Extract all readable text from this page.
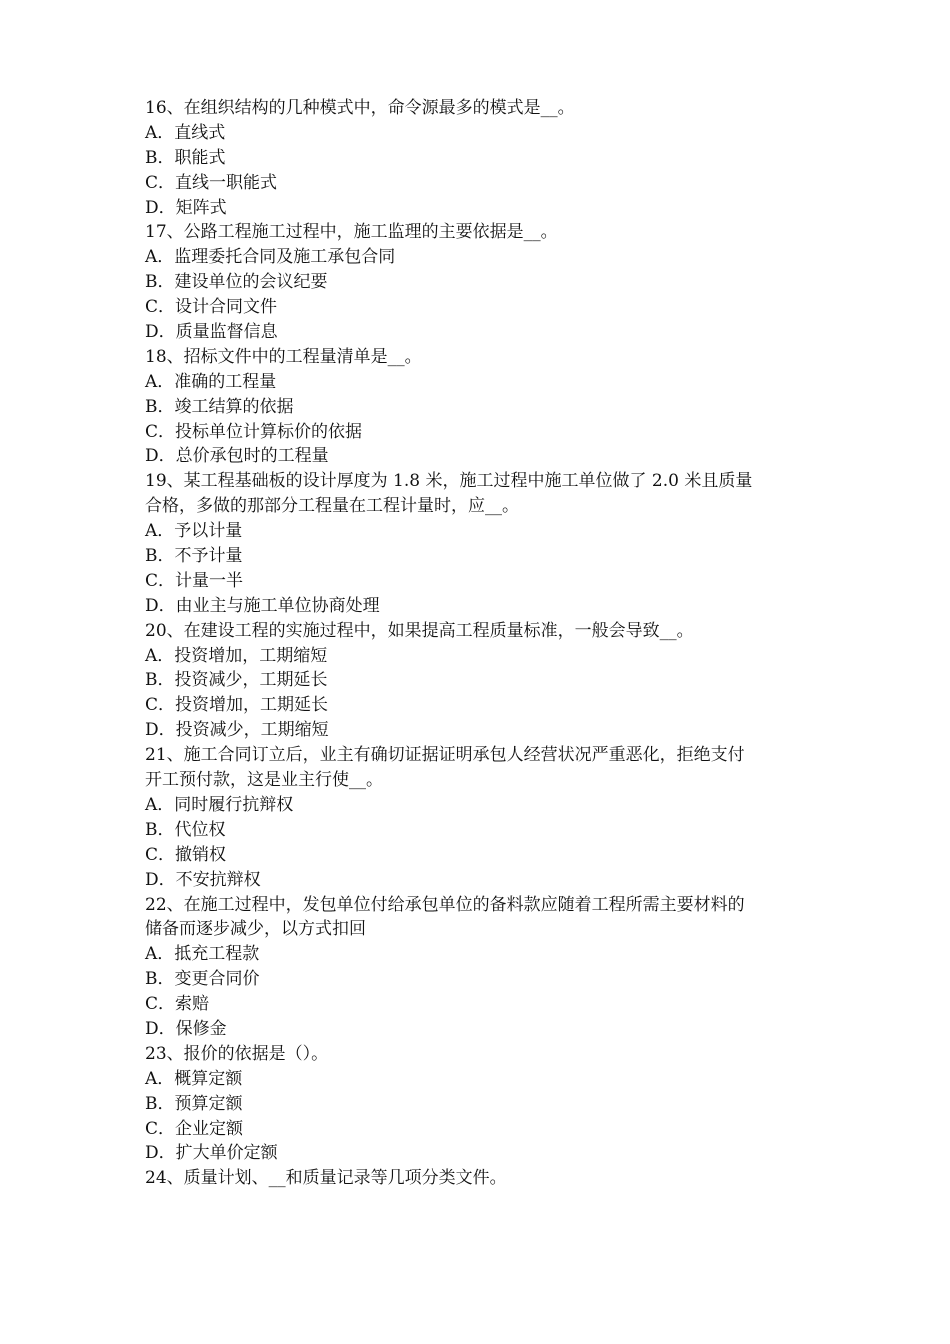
16、在组织结构的几种模式中，命令源最多的模式是__。
A．直线式
B．职能式
C．直线一职能式
D．矩阵式
17、公路工程施工过程中，施工监理的主要依据是__。
A．监理委托合同及施工承包合同
B．建设单位的会议纪要
C．设计合同文件
D．质量监督信息
18、招标文件中的工程量清单是__。
A．准确的工程量
B．竣工结算的依据
C．投标单位计算标价的依据
D．总价承包时的工程量
19、某工程基础板的设计厚度为 1.8 米，施工过程中施工单位做了 2.0 米且质量
合格，多做的那部分工程量在工程计量时，应__。
A．予以计量
B．不予计量
C．计量一半
D．由业主与施工单位协商处理
20、在建设工程的实施过程中，如果提高工程质量标准，一般会导致__。
A．投资增加，工期缩短
B．投资减少，工期延长
C．投资增加，工期延长
D．投资减少，工期缩短
21、施工合同订立后，业主有确切证据证明承包人经营状况严重恶化，拒绝支付
开工预付款，这是业主行使__。
A．同时履行抗辩权
B．代位权
C．撤销权
D．不安抗辩权
22、在施工过程中，发包单位付给承包单位的备料款应随着工程所需主要材料的
储备而逐步减少，以方式扣回
A．抵充工程款
B．变更合同价
C．索赔
D．保修金
23、报价的依据是（）。
A．概算定额
B．预算定额
C．企业定额
D．扩大单价定额
24、质量计划、__和质量记录等几项分类文件。
